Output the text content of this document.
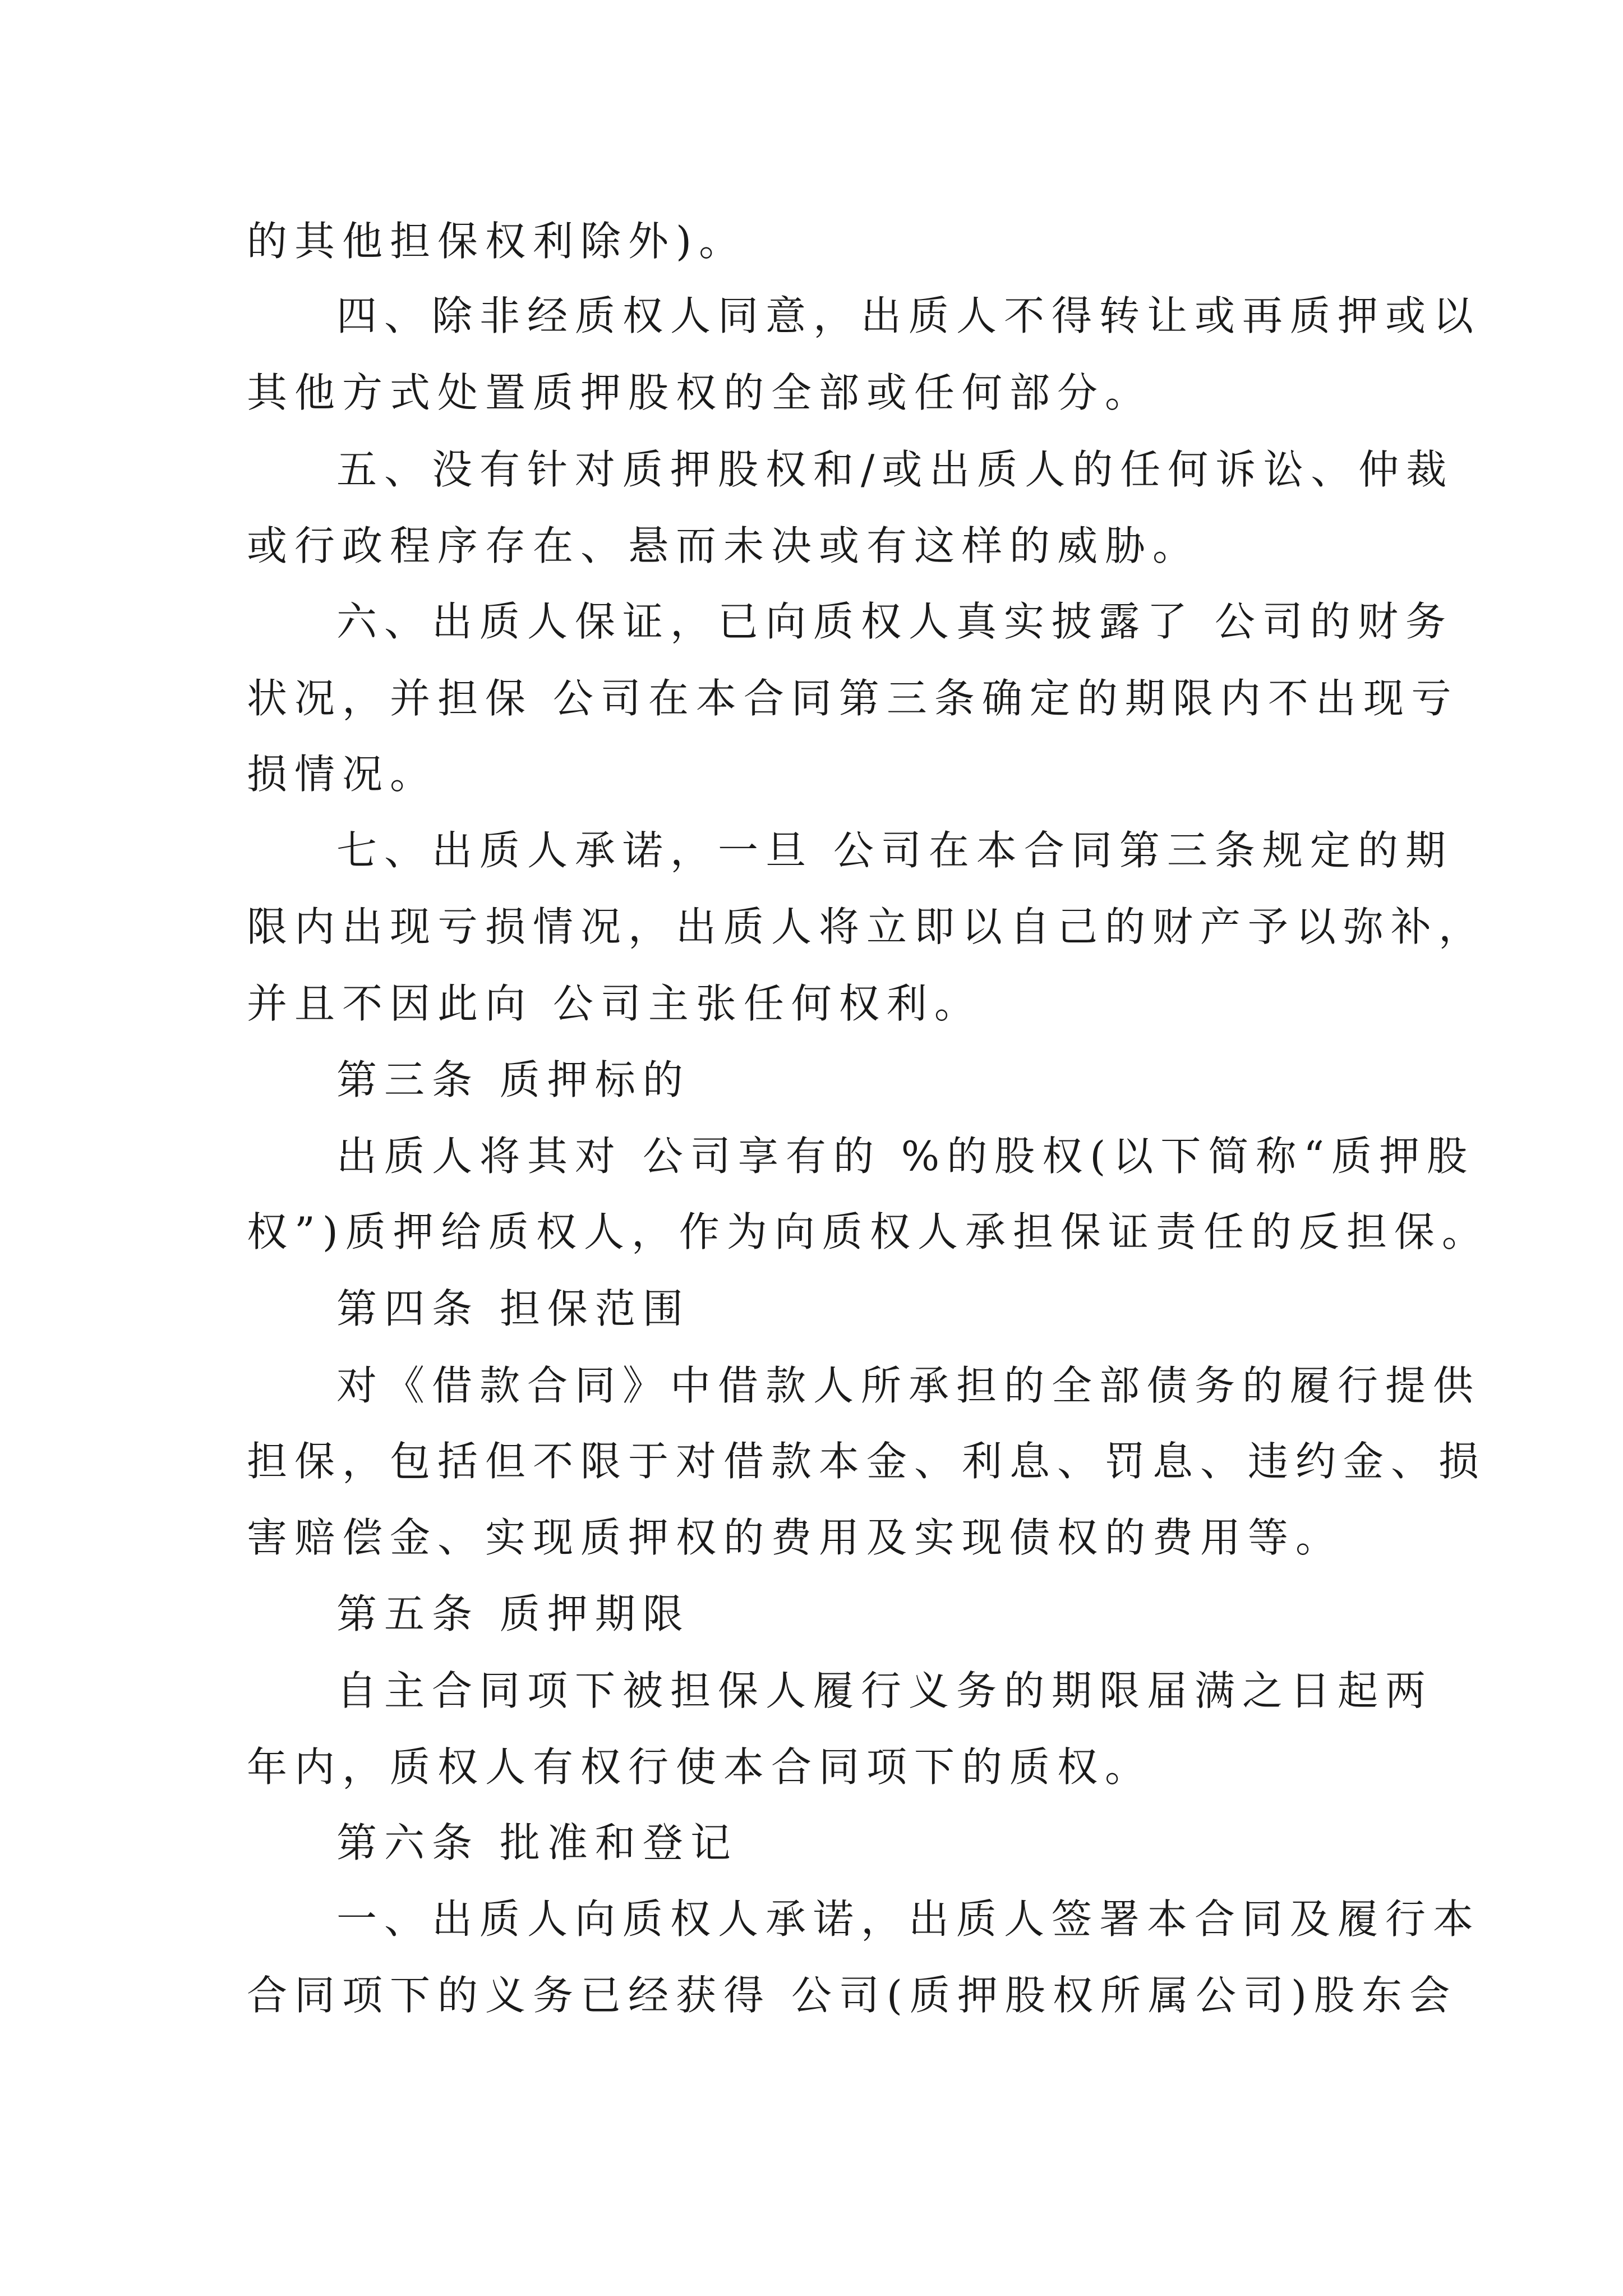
的其他担保权利除外)。
四、除非经质权人同意，出质人不得转让或再质押或以
其他方式处置质押股权的全部或任何部分。
五、没有针对质押股权和/或出质人的任何诉讼、仲裁
或行政程序存在、悬而未决或有这样的威胁。
六、出质人保证，已向质权人真实披露了 公司的财务
状况，并担保 公司在本合同第三条确定的期限内不出现亏
损情况。
七、出质人承诺，一旦 公司在本合同第三条规定的期
限内出现亏损情况，出质人将立即以自己的财产予以弥补，
并且不因此向 公司主张任何权利。
第三条 质押标的
出质人将其对 公司享有的 %的股权(以下简称“质押股
权”)质押给质权人，作为向质权人承担保证责任的反担保。
第四条 担保范围
对《借款合同》中借款人所承担的全部债务的履行提供
担保，包括但不限于对借款本金、利息、罚息、违约金、损
害赔偿金、实现质押权的费用及实现债权的费用等。
第五条 质押期限
自主合同项下被担保人履行义务的期限届满之日起两
年内，质权人有权行使本合同项下的质权。
第六条 批准和登记
一、出质人向质权人承诺，出质人签署本合同及履行本
合同项下的义务已经获得 公司(质押股权所属公司)股东会
